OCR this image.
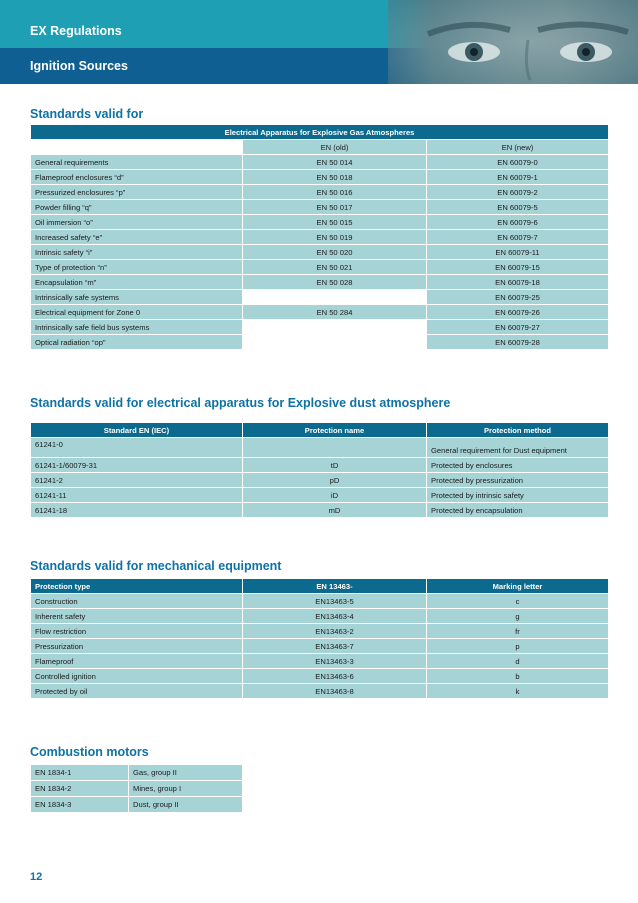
EX Regulations
Ignition Sources
Standards valid for
Electrical Apparatus for Explosive Gas Atmospheres		
	EN (old)	EN (new)
General requirements	EN 50 014	EN 60079-0
Flameproof enclosures “d”	EN 50 018	EN 60079-1
Pressurized enclosures “p”	EN 50 016	EN 60079-2
Powder filling “q”	EN 50 017	EN 60079-5
Oil immersion “o”	EN 50 015	EN 60079-6
Increased safety “e”	EN 50 019	EN 60079-7
Intrinsic safety “i”	EN 50 020	EN 60079-11
Type of protection “n”	EN 50 021	EN 60079-15
Encapsulation “m”	EN 50 028	EN 60079-18
Intrinsically safe systems		EN 60079-25
Electrical equipment for Zone 0	EN 50 284	EN 60079-26
Intrinsically safe field bus systems		EN 60079-27
Optical radiation “op”		EN 60079-28
Standards valid for electrical apparatus for Explosive dust atmosphere
Standard EN (IEC)	Protection name	Protection method
61241-0		General requirement for Dust equipment
61241-1/60079-31	tD	Protected by enclosures
61241-2	pD	Protected by pressurization
61241-11	iD	Protected by intrinsic safety
61241-18	mD	Protected by encapsulation
Standards valid for mechanical equipment
Protection type	EN 13463-	Marking letter
Construction	EN13463-5	c
Inherent safety	EN13463-4	g
Flow restriction	EN13463-2	fr
Pressurization	EN13463-7	p
Flameproof	EN13463-3	d
Controlled ignition	EN13463-6	b
Protected by oil	EN13463-8	k
Combustion motors
EN 1834-1	Gas, group II
EN 1834-2	Mines, group I
EN 1834-3	Dust, group II
12
